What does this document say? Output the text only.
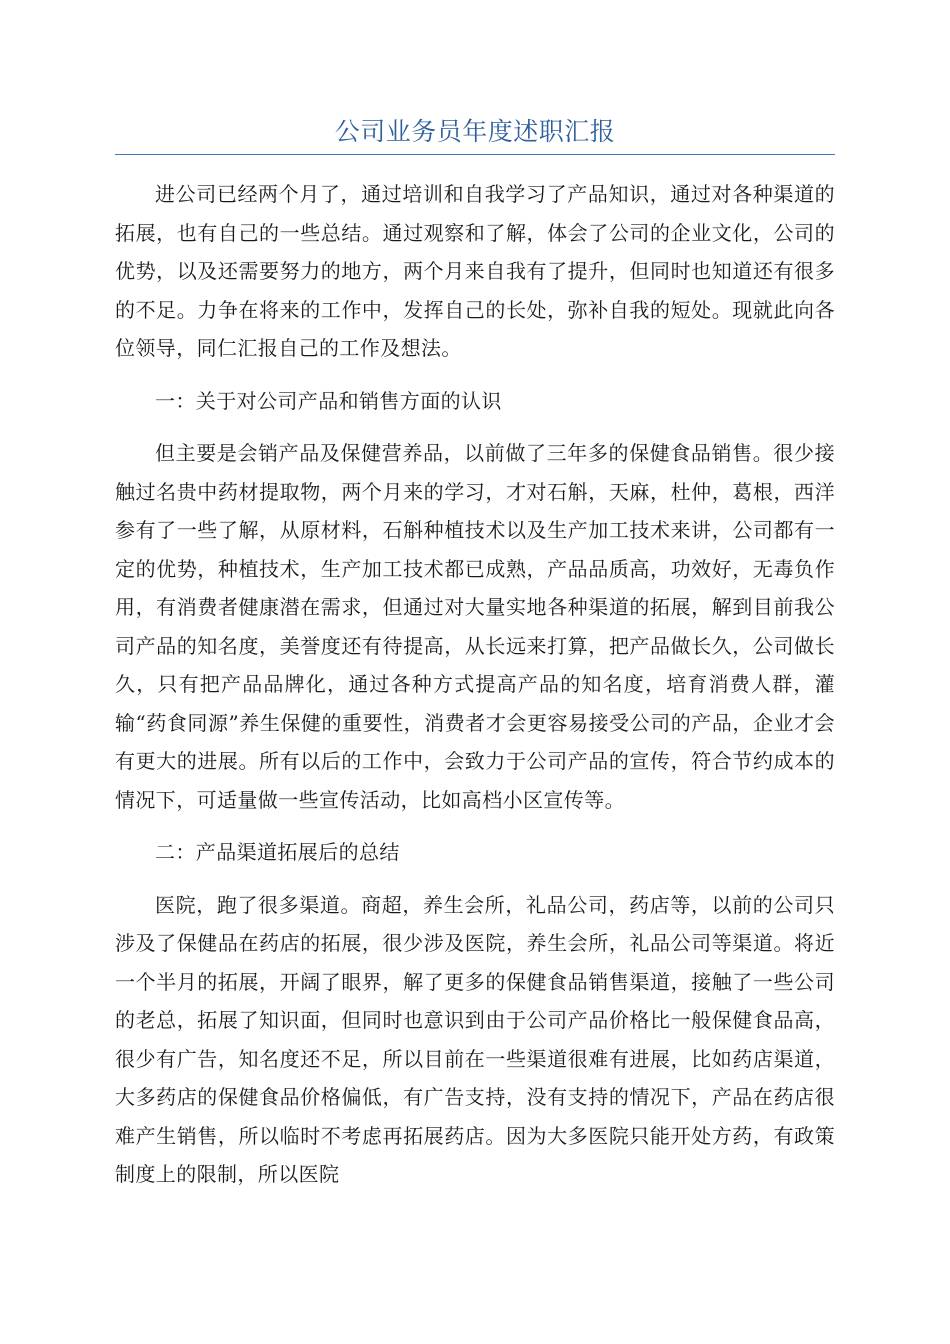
公司业务员年度述职汇报

进公司已经两个月了，通过培训和自我学习了产品知识，通过对各种渠道的拓展，也有自己的一些总结。通过观察和了解，体会了公司的企业文化，公司的优势，以及还需要努力的地方，两个月来自我有了提升，但同时也知道还有很多的不足。力争在将来的工作中，发挥自己的长处，弥补自我的短处。现就此向各位领导，同仁汇报自己的工作及想法。

一：关于对公司产品和销售方面的认识

但主要是会销产品及保健营养品，以前做了三年多的保健食品销售。很少接触过名贵中药材提取物，两个月来的学习，才对石斛，天麻，杜仲，葛根，西洋参有了一些了解，从原材料，石斛种植技术以及生产加工技术来讲，公司都有一定的优势，种植技术，生产加工技术都已成熟，产品品质高，功效好，无毒负作用，有消费者健康潜在需求，但通过对大量实地各种渠道的拓展，解到目前我公司产品的知名度，美誉度还有待提高，从长远来打算，把产品做长久，公司做长久，只有把产品品牌化，通过各种方式提高产品的知名度，培育消费人群，灌输“药食同源”养生保健的重要性，消费者才会更容易接受公司的产品，企业才会有更大的进展。所有以后的工作中，会致力于公司产品的宣传，符合节约成本的情况下，可适量做一些宣传活动，比如高档小区宣传等。

二：产品渠道拓展后的总结

医院，跑了很多渠道。商超，养生会所，礼品公司，药店等，以前的公司只涉及了保健品在药店的拓展，很少涉及医院，养生会所，礼品公司等渠道。将近一个半月的拓展，开阔了眼界，解了更多的保健食品销售渠道，接触了一些公司的老总，拓展了知识面，但同时也意识到由于公司产品价格比一般保健食品高，很少有广告，知名度还不足，所以目前在一些渠道很难有进展，比如药店渠道，大多药店的保健食品价格偏低，有广告支持，没有支持的情况下，产品在药店很难产生销售，所以临时不考虑再拓展药店。因为大多医院只能开处方药，有政策制度上的限制，所以医院
